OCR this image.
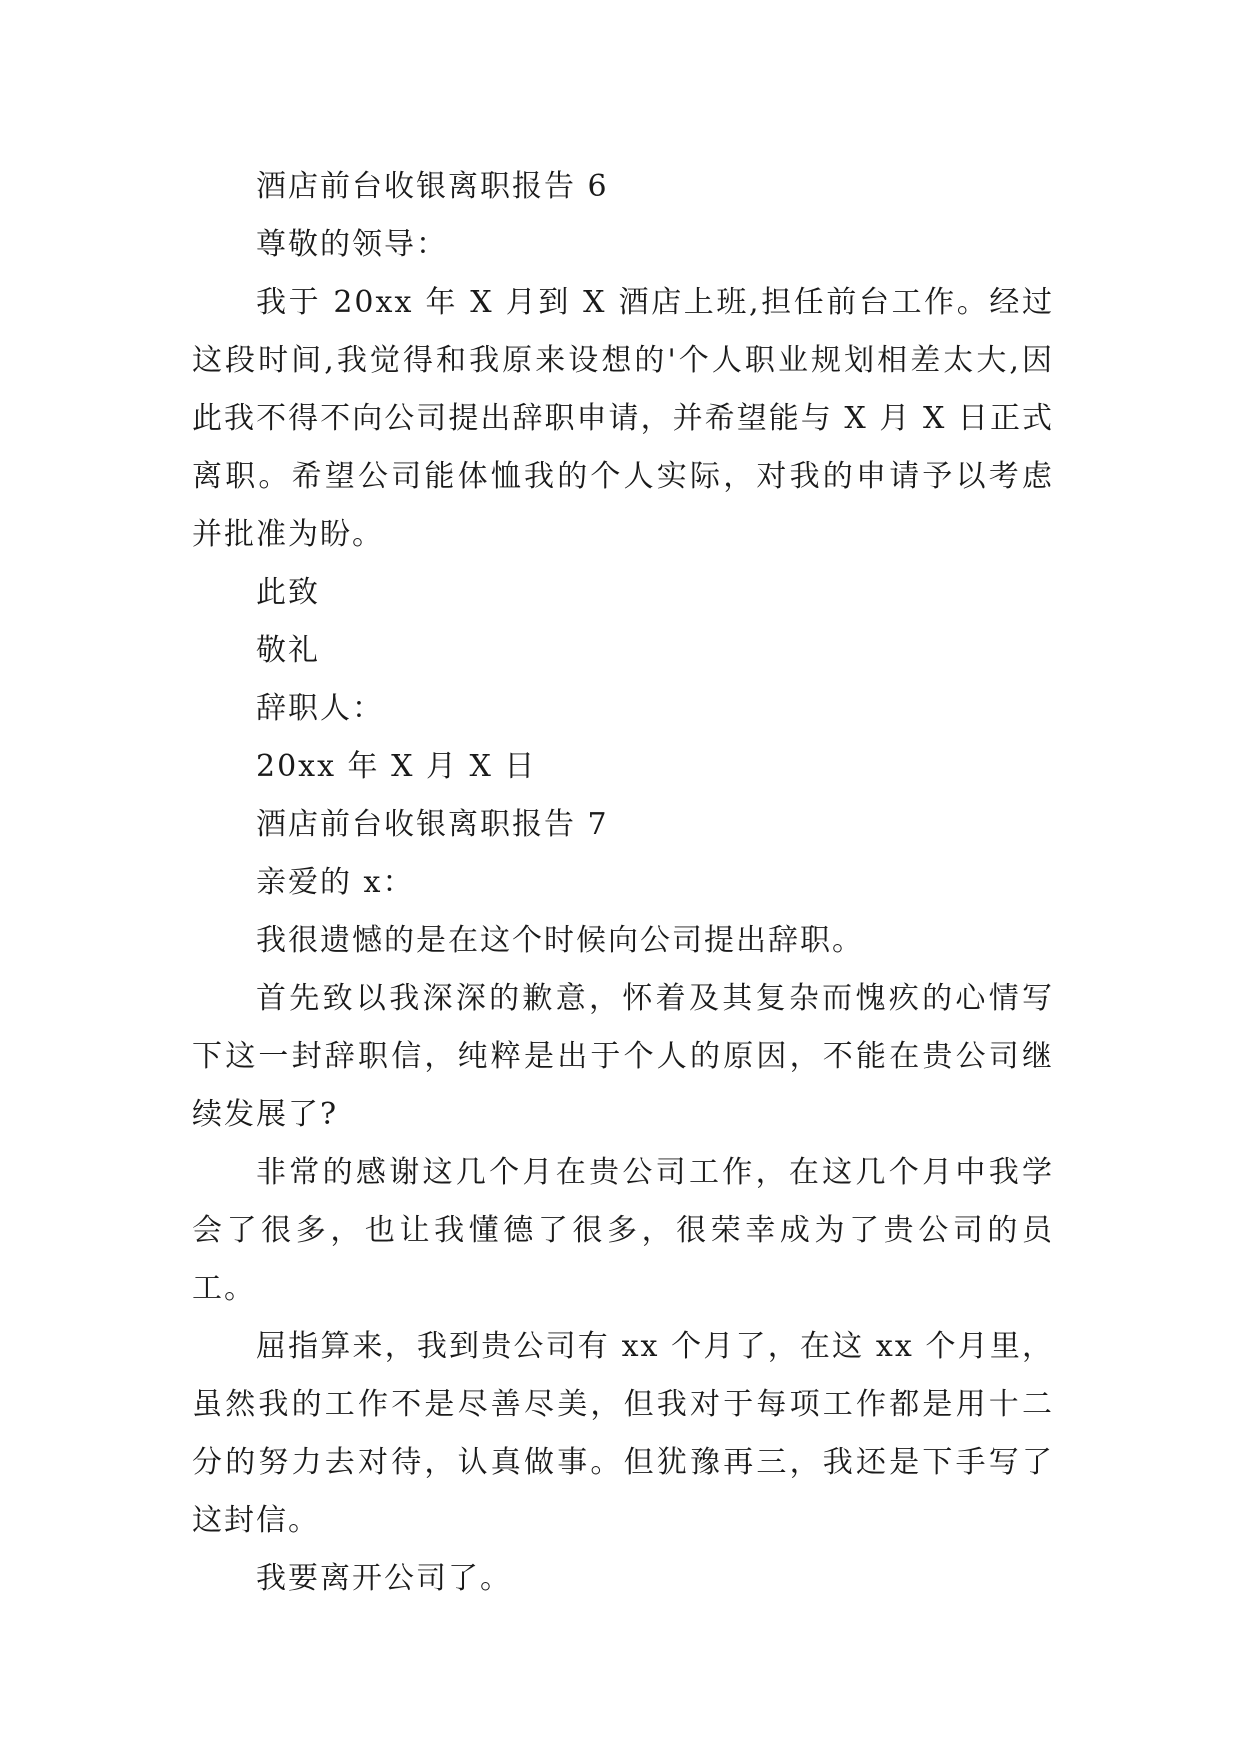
酒店前台收银离职报告 6

尊敬的领导：

我于 20xx 年 X 月到 X 酒店上班,担任前台工作。经过这段时间,我觉得和我原来设想的'个人职业规划相差太大,因此我不得不向公司提出辞职申请，并希望能与 X 月 X 日正式离职。希望公司能体恤我的个人实际，对我的申请予以考虑并批准为盼。

此致

敬礼

辞职人：

20xx 年 X 月 X 日

酒店前台收银离职报告 7

亲爱的 x：

我很遗憾的是在这个时候向公司提出辞职。

首先致以我深深的歉意，怀着及其复杂而愧疚的心情写下这一封辞职信，纯粹是出于个人的原因，不能在贵公司继续发展了?

非常的感谢这几个月在贵公司工作，在这几个月中我学会了很多，也让我懂德了很多，很荣幸成为了贵公司的员工。

屈指算来，我到贵公司有 xx 个月了，在这 xx 个月里，虽然我的工作不是尽善尽美，但我对于每项工作都是用十二分的努力去对待，认真做事。但犹豫再三，我还是下手写了这封信。

我要离开公司了。
